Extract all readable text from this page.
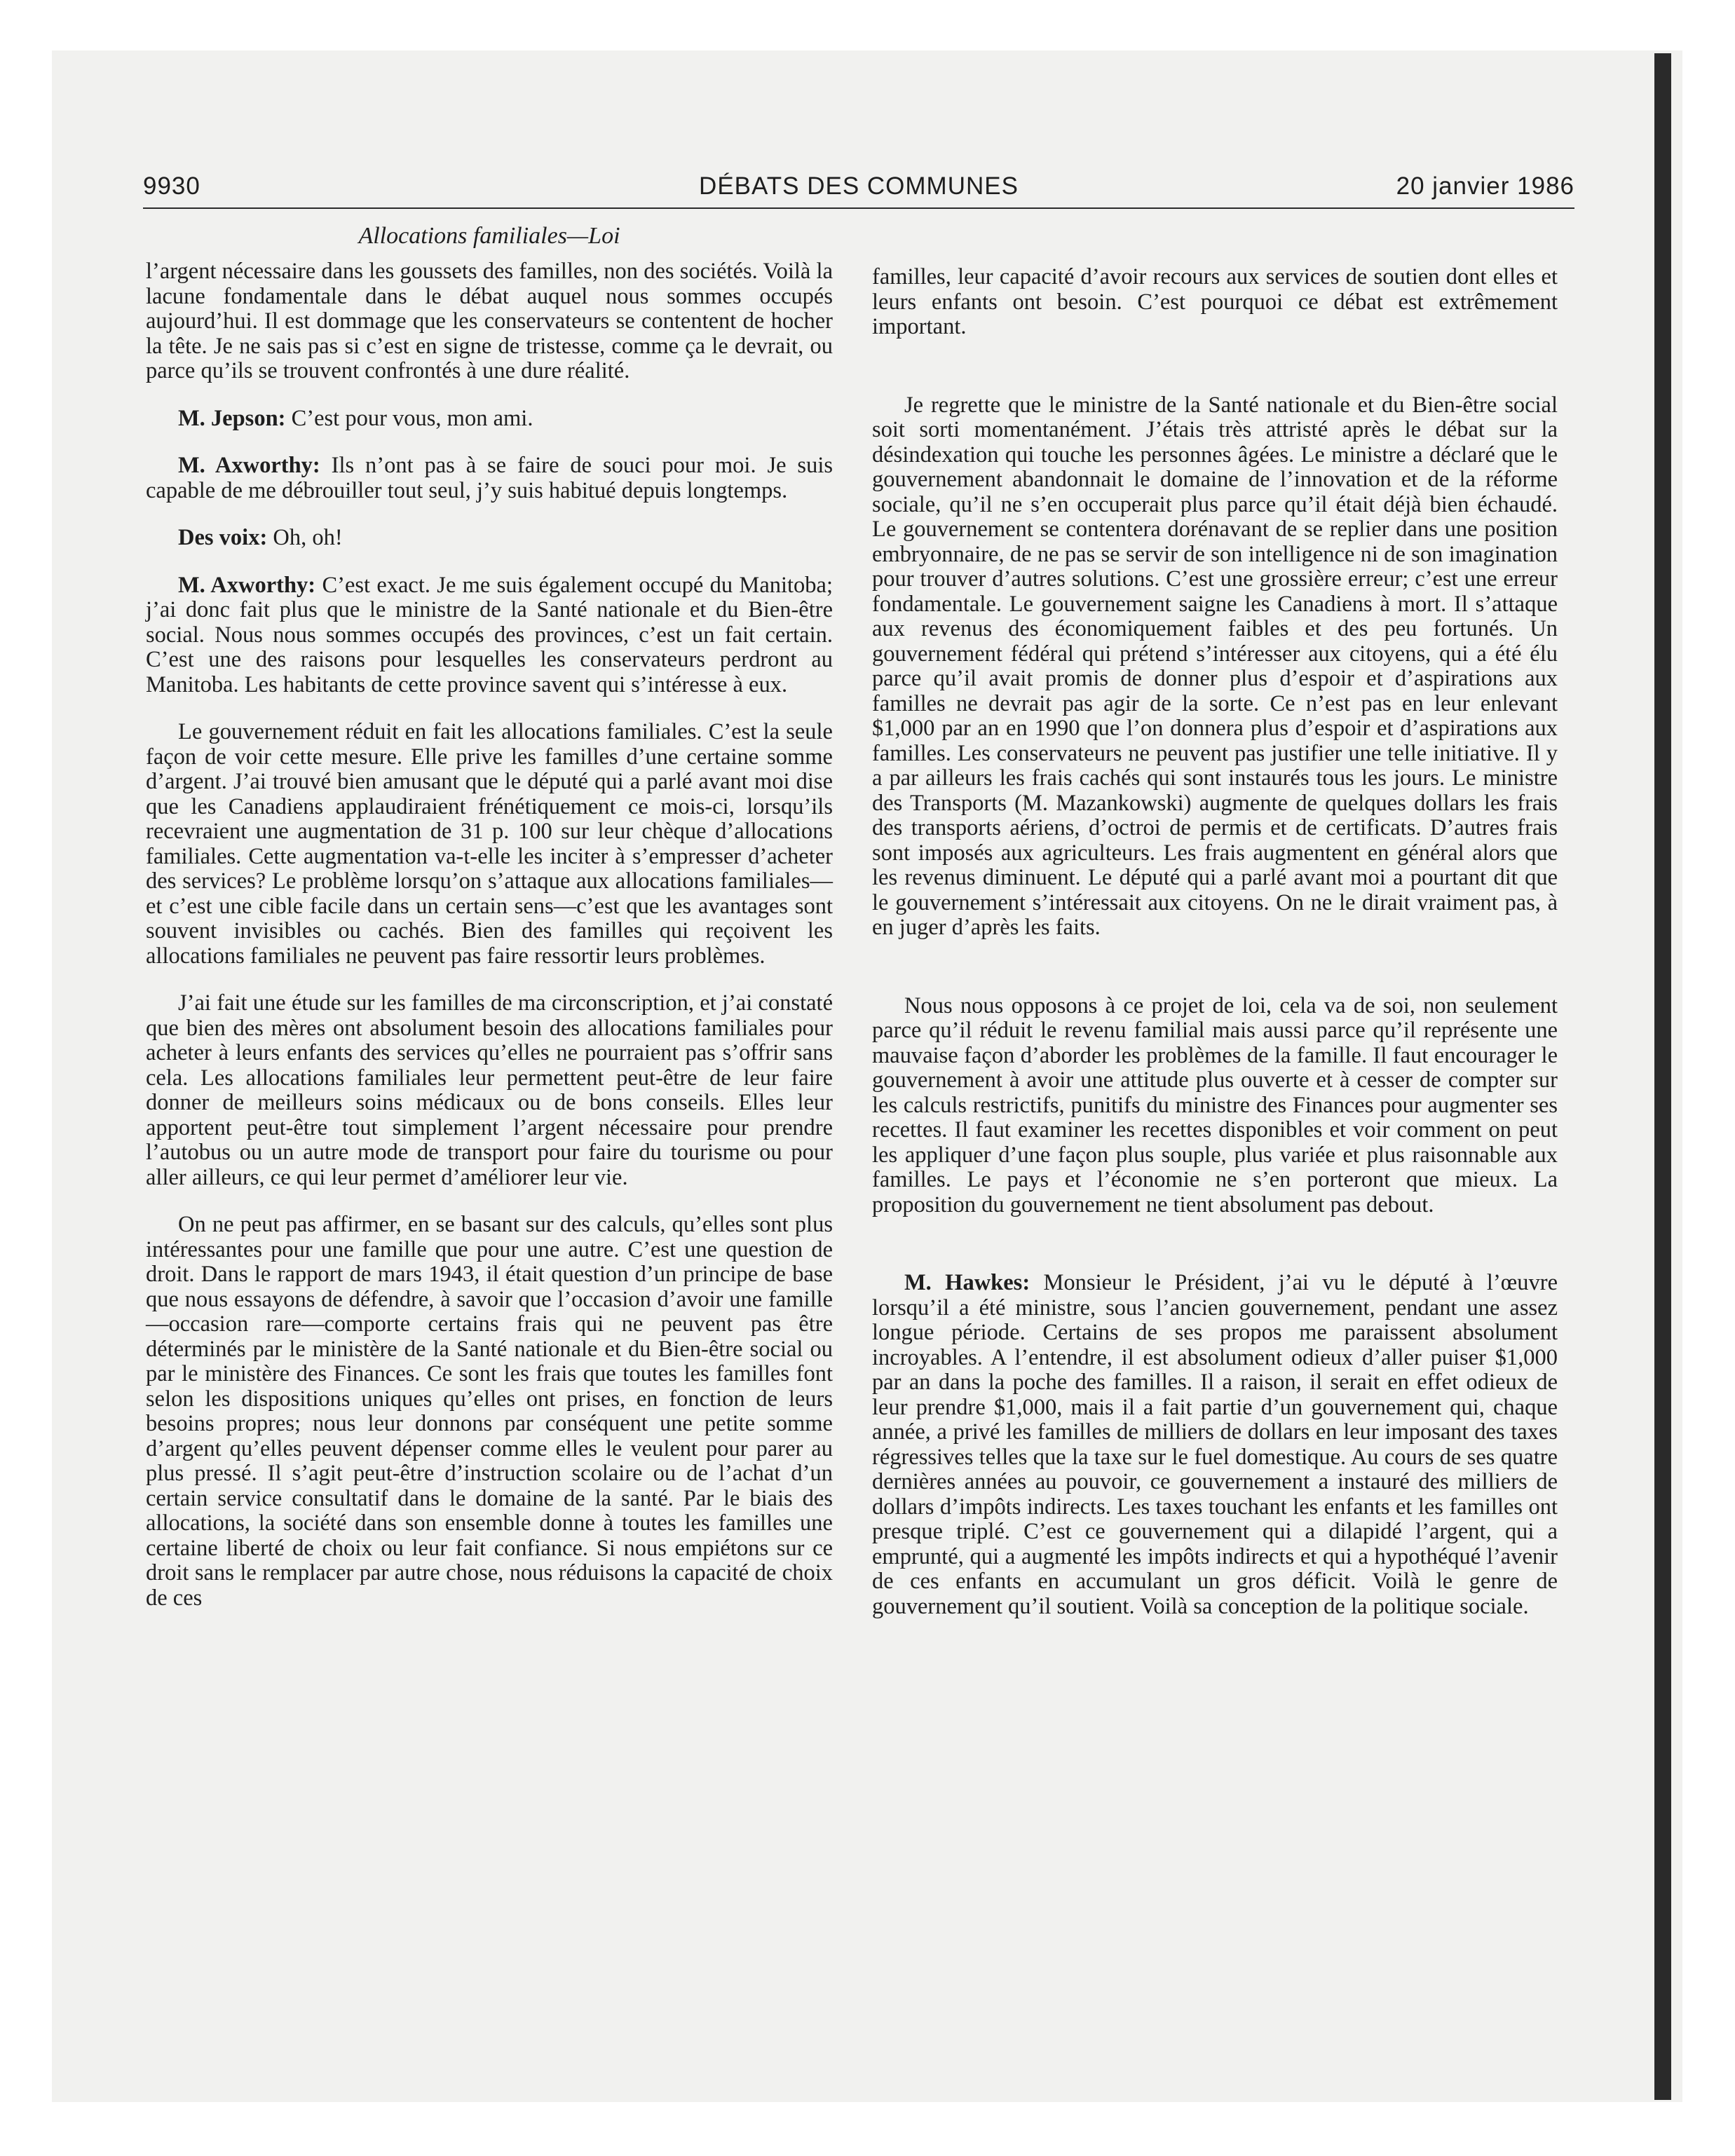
9930	DÉBATS DES COMMUNES	20 janvier 1986
Allocations familiales—Loi

l’argent nécessaire dans les goussets des familles, non des sociétés. Voilà la lacune fondamentale dans le débat auquel nous sommes occupés aujourd’hui. Il est dommage que les conservateurs se contentent de hocher la tête. Je ne sais pas si c’est en signe de tristesse, comme ça le devrait, ou parce qu’ils se trouvent confrontés à une dure réalité.

M. Jepson: C’est pour vous, mon ami.

M. Axworthy: Ils n’ont pas à se faire de souci pour moi. Je suis capable de me débrouiller tout seul, j’y suis habitué depuis longtemps.

Des voix: Oh, oh!

M. Axworthy: C’est exact. Je me suis également occupé du Manitoba; j’ai donc fait plus que le ministre de la Santé nationale et du Bien-être social. Nous nous sommes occupés des provinces, c’est un fait certain. C’est une des raisons pour lesquelles les conservateurs perdront au Manitoba. Les habitants de cette province savent qui s’intéresse à eux.

Le gouvernement réduit en fait les allocations familiales. C’est la seule façon de voir cette mesure. Elle prive les familles d’une certaine somme d’argent. J’ai trouvé bien amusant que le député qui a parlé avant moi dise que les Canadiens applaudiraient frénétiquement ce mois-ci, lorsqu’ils recevraient une augmentation de 31 p. 100 sur leur chèque d’allocations familiales. Cette augmentation va-t-elle les inciter à s’empresser d’acheter des services? Le problème lorsqu’on s’attaque aux allocations familiales—et c’est une cible facile dans un certain sens—c’est que les avantages sont souvent invisibles ou cachés. Bien des familles qui reçoivent les allocations familiales ne peuvent pas faire ressortir leurs problèmes.

J’ai fait une étude sur les familles de ma circonscription, et j’ai constaté que bien des mères ont absolument besoin des allocations familiales pour acheter à leurs enfants des services qu’elles ne pourraient pas s’offrir sans cela. Les allocations familiales leur permettent peut-être de leur faire donner de meilleurs soins médicaux ou de bons conseils. Elles leur apportent peut-être tout simplement l’argent nécessaire pour prendre l’autobus ou un autre mode de transport pour faire du tourisme ou pour aller ailleurs, ce qui leur permet d’améliorer leur vie.

On ne peut pas affirmer, en se basant sur des calculs, qu’elles sont plus intéressantes pour une famille que pour une autre. C’est une question de droit. Dans le rapport de mars 1943, il était question d’un principe de base que nous essayons de défendre, à savoir que l’occasion d’avoir une famille—occasion rare—comporte certains frais qui ne peuvent pas être déterminés par le ministère de la Santé nationale et du Bien-être social ou par le ministère des Finances. Ce sont les frais que toutes les familles font selon les dispositions uniques qu’elles ont prises, en fonction de leurs besoins propres; nous leur donnons par conséquent une petite somme d’argent qu’elles peuvent dépenser comme elles le veulent pour parer au plus pressé. Il s’agit peut-être d’instruction scolaire ou de l’achat d’un certain service consultatif dans le domaine de la santé. Par le biais des allocations, la société dans son ensemble donne à toutes les familles une certaine liberté de choix ou leur fait confiance. Si nous empiétons sur ce droit sans le remplacer par autre chose, nous réduisons la capacité de choix de ces

familles, leur capacité d’avoir recours aux services de soutien dont elles et leurs enfants ont besoin. C’est pourquoi ce débat est extrêmement important.

Je regrette que le ministre de la Santé nationale et du Bien-être social soit sorti momentanément. J’étais très attristé après le débat sur la désindexation qui touche les personnes âgées. Le ministre a déclaré que le gouvernement abandonnait le domaine de l’innovation et de la réforme sociale, qu’il ne s’en occuperait plus parce qu’il était déjà bien échaudé. Le gouvernement se contentera dorénavant de se replier dans une position embryonnaire, de ne pas se servir de son intelligence ni de son imagination pour trouver d’autres solutions. C’est une grossière erreur; c’est une erreur fondamentale. Le gouvernement saigne les Canadiens à mort. Il s’attaque aux revenus des économiquement faibles et des peu fortunés. Un gouvernement fédéral qui prétend s’intéresser aux citoyens, qui a été élu parce qu’il avait promis de donner plus d’espoir et d’aspirations aux familles ne devrait pas agir de la sorte. Ce n’est pas en leur enlevant $1,000 par an en 1990 que l’on donnera plus d’espoir et d’aspirations aux familles. Les conservateurs ne peuvent pas justifier une telle initiative. Il y a par ailleurs les frais cachés qui sont instaurés tous les jours. Le ministre des Transports (M. Mazankowski) augmente de quelques dollars les frais des transports aériens, d’octroi de permis et de certificats. D’autres frais sont imposés aux agriculteurs. Les frais augmentent en général alors que les revenus diminuent. Le député qui a parlé avant moi a pourtant dit que le gouvernement s’intéressait aux citoyens. On ne le dirait vraiment pas, à en juger d’après les faits.

Nous nous opposons à ce projet de loi, cela va de soi, non seulement parce qu’il réduit le revenu familial mais aussi parce qu’il représente une mauvaise façon d’aborder les problèmes de la famille. Il faut encourager le gouvernement à avoir une attitude plus ouverte et à cesser de compter sur les calculs restrictifs, punitifs du ministre des Finances pour augmenter ses recettes. Il faut examiner les recettes disponibles et voir comment on peut les appliquer d’une façon plus souple, plus variée et plus raisonnable aux familles. Le pays et l’économie ne s’en porteront que mieux. La proposition du gouvernement ne tient absolument pas debout.

M. Hawkes: Monsieur le Président, j’ai vu le député à l’œuvre lorsqu’il a été ministre, sous l’ancien gouvernement, pendant une assez longue période. Certains de ses propos me paraissent absolument incroyables. A l’entendre, il est absolument odieux d’aller puiser $1,000 par an dans la poche des familles. Il a raison, il serait en effet odieux de leur prendre $1,000, mais il a fait partie d’un gouvernement qui, chaque année, a privé les familles de milliers de dollars en leur imposant des taxes régressives telles que la taxe sur le fuel domestique. Au cours de ses quatre dernières années au pouvoir, ce gouvernement a instauré des milliers de dollars d’impôts indirects. Les taxes touchant les enfants et les familles ont presque triplé. C’est ce gouvernement qui a dilapidé l’argent, qui a emprunté, qui a augmenté les impôts indirects et qui a hypothéqué l’avenir de ces enfants en accumulant un gros déficit. Voilà le genre de gouvernement qu’il soutient. Voilà sa conception de la politique sociale.
